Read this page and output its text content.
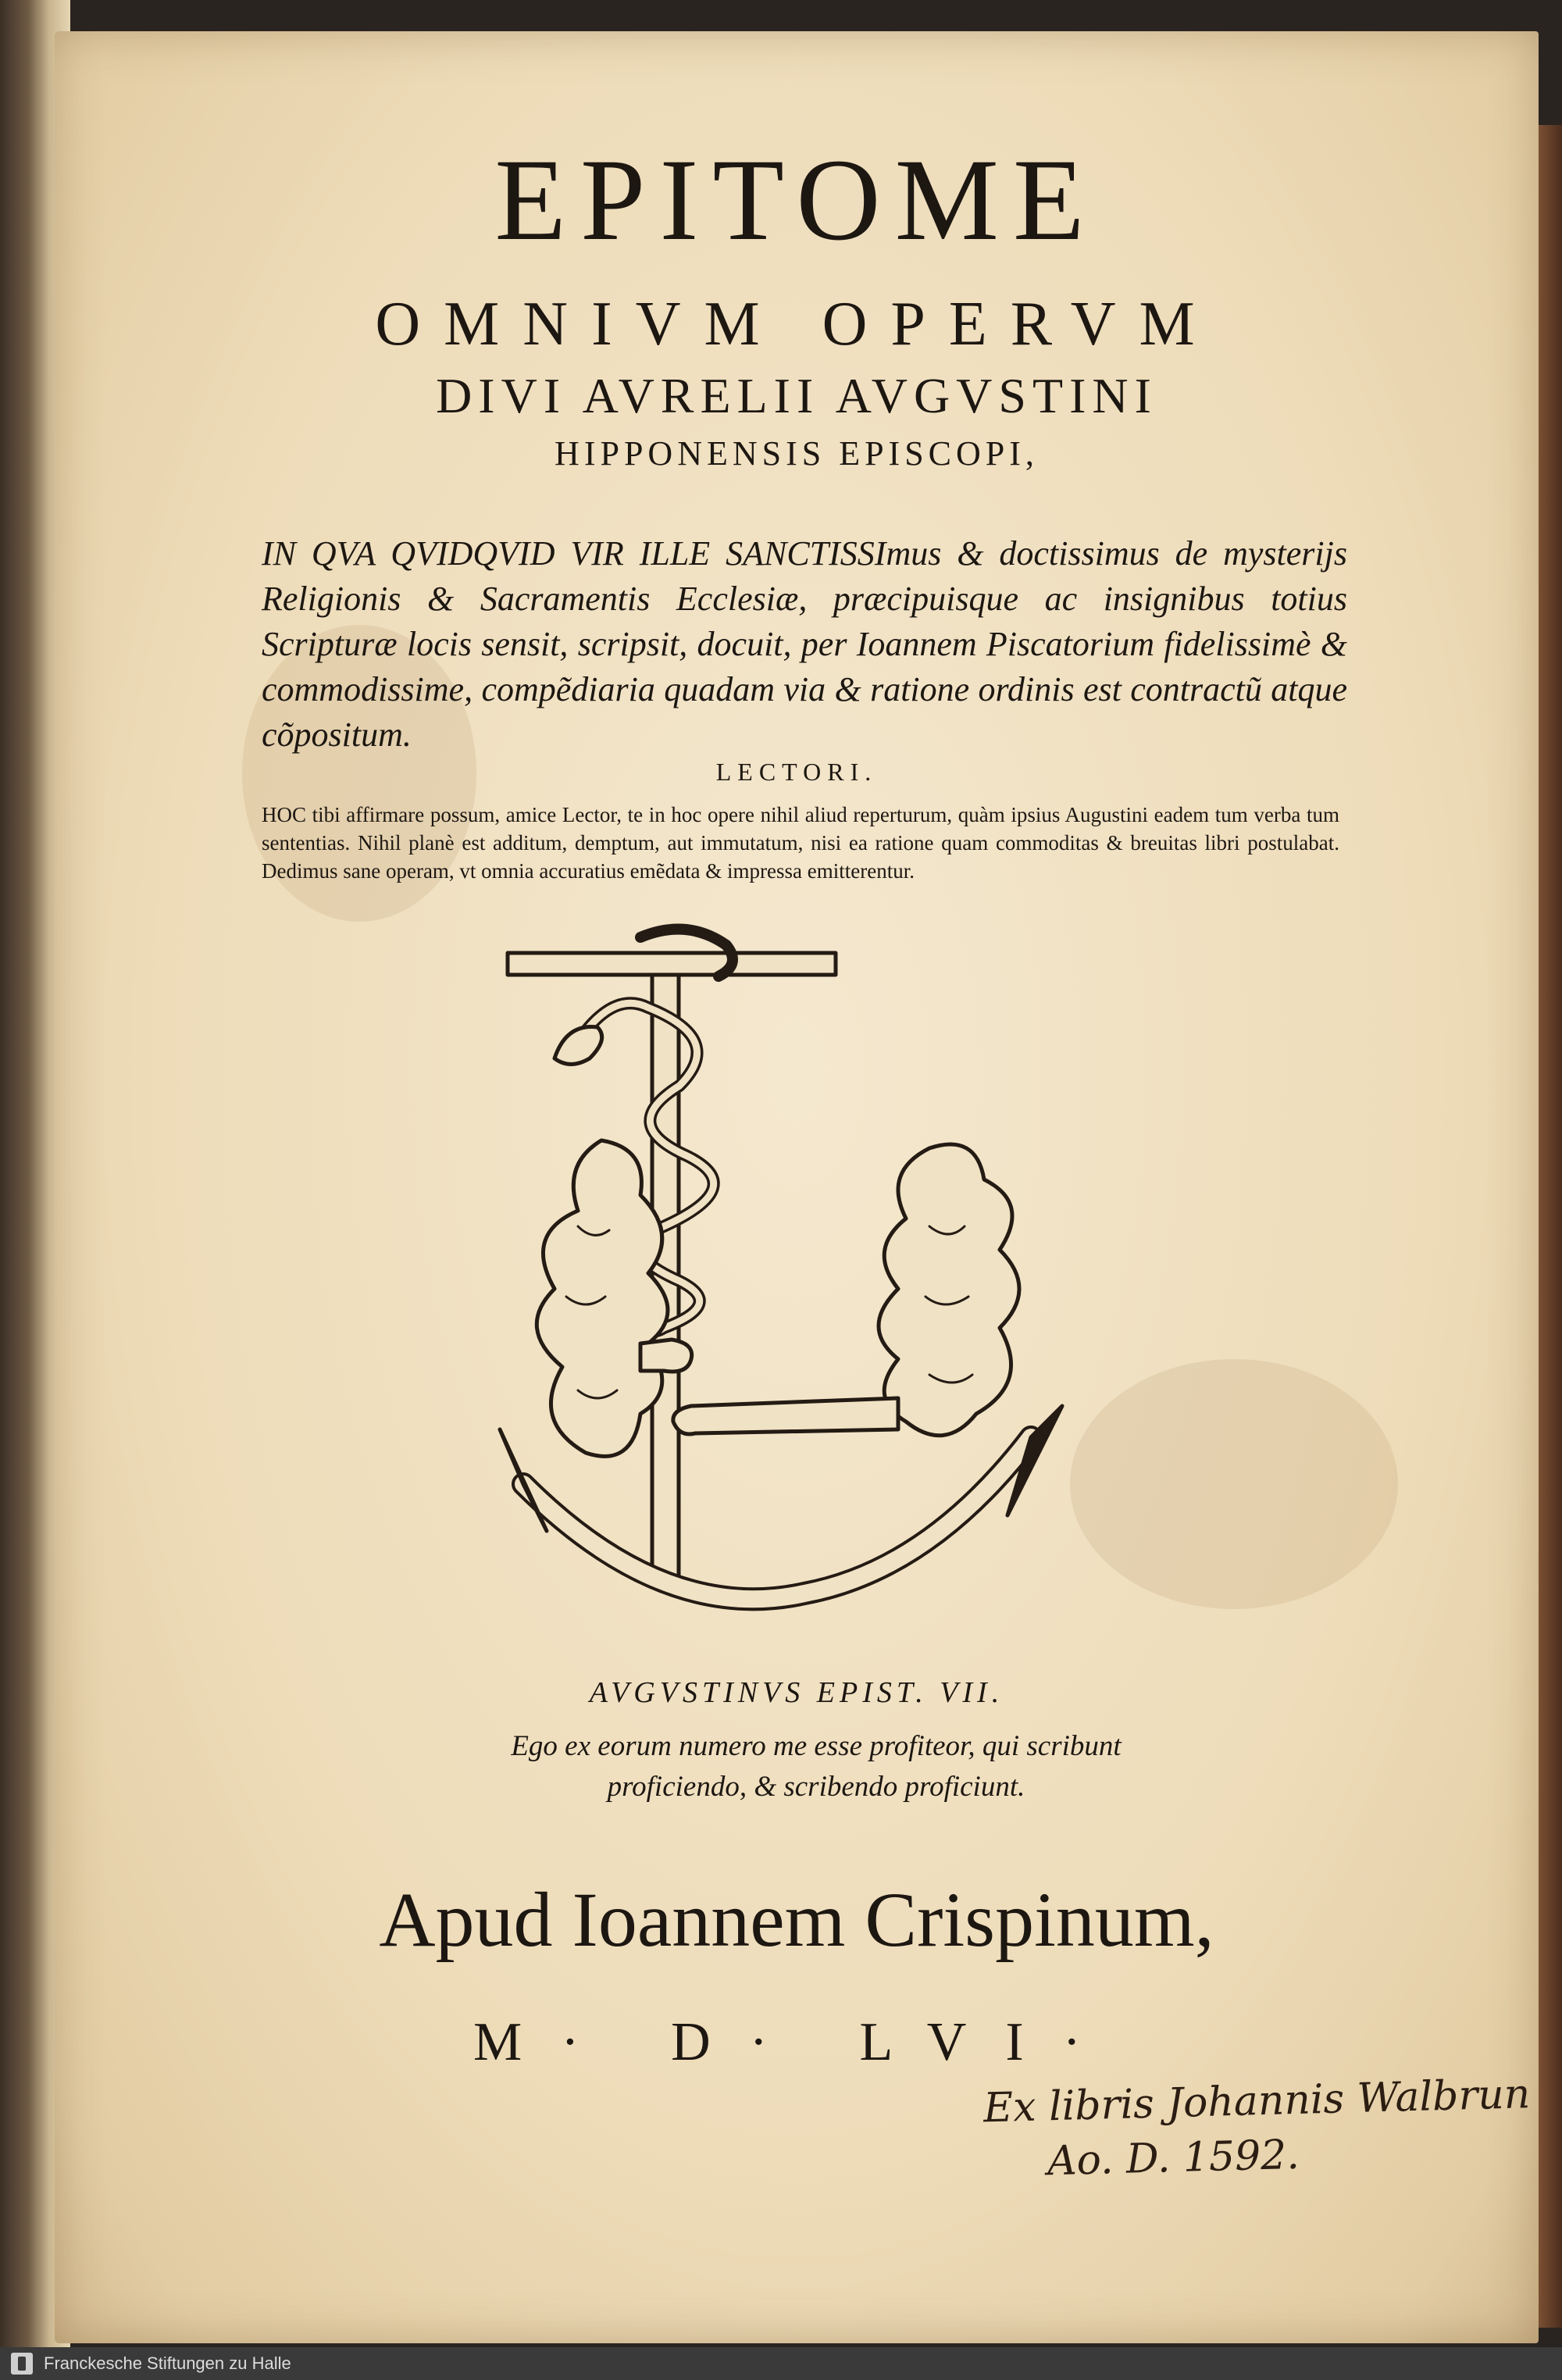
EPITOME
OMNIVM OPERVM
DIVI AVRELII AVGVSTINI
HIPPONENSIS EPISCOPI,
IN QVA QVIDQVID VIR ILLE SANCTISSImus & doctissimus de mysterijs Religionis & Sacramentis Ecclesiæ, præcipuisque ac insignibus totius Scripturæ locis sensit, scripsit, docuit, per Ioannem Piscatorium fidelissimè & commodissime, compẽdiaria quadam via & ratione ordinis est contractũ atque cõpositum.
LECTORI.
HOC tibi affirmare possum, amice Lector, te in hoc opere nihil aliud reperturum, quàm ipsius Augustini eadem tum verba tum sententias. Nihil planè est additum, demptum, aut immutatum, nisi ea ratione quam commoditas & breuitas libri postulabat. Dedimus sane operam, vt omnia accuratius emẽdata & impressa emitterentur.
AVGVSTINVS EPIST. VII.
Ego ex eorum numero me esse profiteor, qui scribunt proficiendo, & scribendo proficiunt.
Apud Ioannem Crispinum,
M· D· LVI·
Ex libris Johannis Walbrun
Ao. D. 1592.
Franckesche Stiftungen zu Halle
